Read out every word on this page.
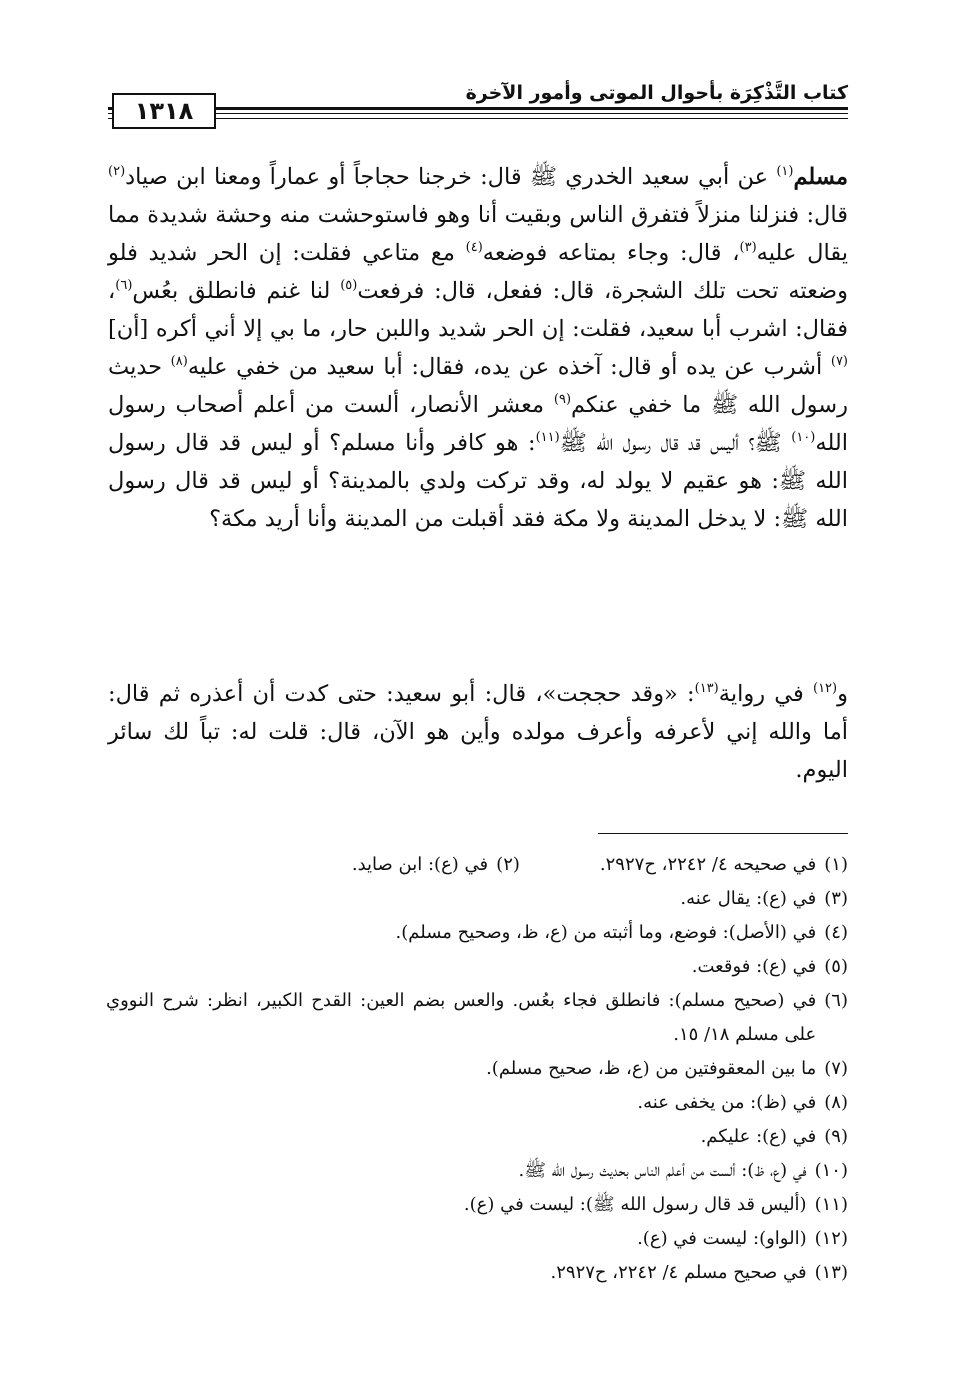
كتاب التَّذْكِرَة بأحوال الموتى وأمور الآخرة
١٣١٨
مسلم$^{(١)}$ عن أبي سعيد الخدري ﷺ قال: خرجنا حجاجاً أو عماراً ومعنا ابن صياد$^{(٢)}$ قال: فنزلنا منزلاً فتفرق الناس وبقيت أنا وهو فاستوحشت منه وحشة شديدة مما يقال عليه$^{(٣)}$، قال: وجاء بمتاعه فوضعه$^{(٤)}$ مع متاعي فقلت: إن الحر شديد فلو وضعته تحت تلك الشجرة، قال: ففعل، قال: فرفعت$^{(٥)}$ لنا غنم فانطلق بعُس$^{(٦)}$، فقال: اشرب أبا سعيد، فقلت: إن الحر شديد واللبن حار، ما بي إلا أني أكره [أن]$^{(٧)}$ أشرب عن يده أو قال: آخذه عن يده، فقال: أبا سعيد من خفي عليه$^{(٨)}$ حديث رسول الله ﷺ ما خفي عنكم$^{(٩)}$ معشر الأنصار، ألست من أعلم أصحاب رسول الله$^{(١٠)}$ ﷺ؟ أليس قد قال رسول الله ﷺ$^{(١١)}$: هو كافر وأنا مسلم؟ أو ليس قد قال رسول الله ﷺ: هو عقيم لا يولد له، وقد تركت ولدي بالمدينة؟ أو ليس قد قال رسول الله ﷺ: لا يدخل المدينة ولا مكة فقد أقبلت من المدينة وأنا أريد مكة؟
و$^{(١٢)}$ في رواية$^{(١٣)}$: «وقد حججت»، قال: أبو سعيد: حتى كدت أن أعذره ثم قال: أما والله إني لأعرفه وأعرف مولده وأين هو الآن، قال: قلت له: تباً لك سائر اليوم.
(١)
في صحيحه ٤/ ٢٢٤٢، ح٢٩٢٧.
(٢)
في (ع): ابن صايد.
(٣)
في (ع): يقال عنه.
(٤)
في (الأصل): فوضع، وما أثبته من (ع، ظ، وصحيح مسلم).
(٥)
في (ع): فوقعت.
(٦)
في (صحيح مسلم): فانطلق فجاء بعُس. والعس بضم العين: القدح الكبير، انظر: شرح النووي على مسلم ١٨/ ١٥.
(٧)
ما بين المعقوفتين من (ع، ظ، صحيح مسلم).
(٨)
في (ظ): من يخفى عنه.
(٩)
في (ع): عليكم.
(١٠)
في (ع، ظ): ألست من أعلم الناس بحديث رسول الله ﷺ.
(١١)
(أليس قد قال رسول الله ﷺ): ليست في (ع).
(١٢)
(الواو): ليست في (ع).
(١٣)
في صحيح مسلم ٤/ ٢٢٤٢، ح٢٩٢٧.
